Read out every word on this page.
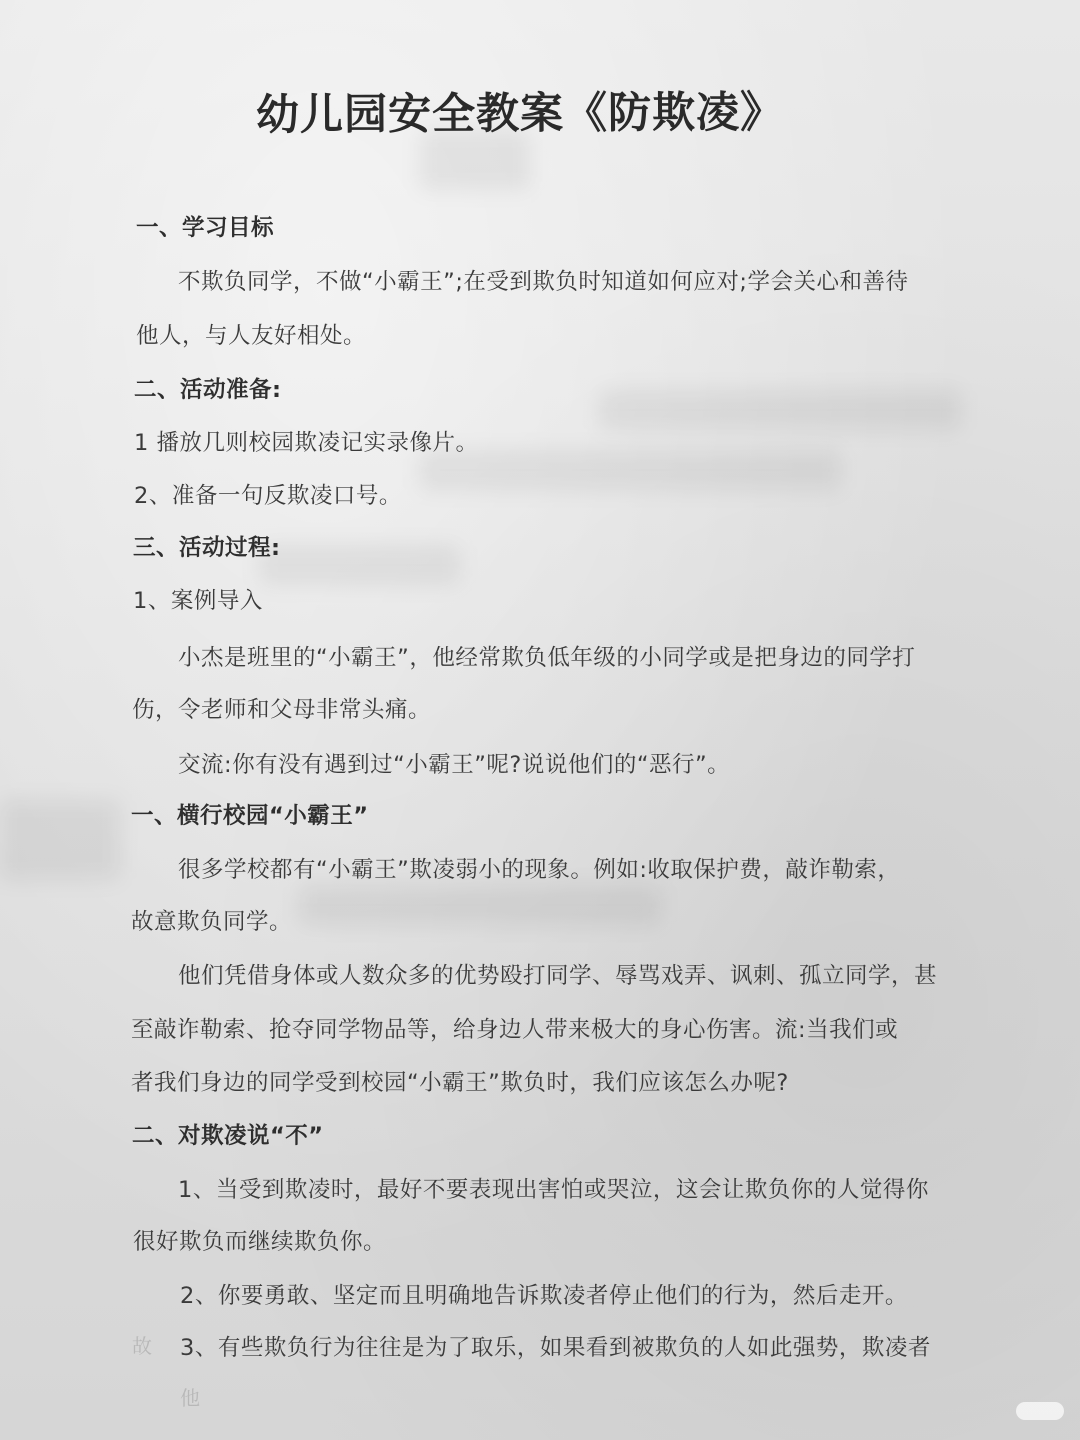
幼儿园安全教案《防欺凌》
一、学习目标
不欺负同学，不做“小霸王”;在受到欺负时知道如何应对;学会关心和善待
他人，与人友好相处。
二、活动准备:
1 播放几则校园欺凌记实录像片。
2、准备一句反欺凌口号。
三、活动过程:
1、案例导入
小杰是班里的“小霸王”，他经常欺负低年级的小同学或是把身边的同学打
伤，令老师和父母非常头痛。
交流:你有没有遇到过“小霸王”呢?说说他们的“恶行”。
一、横行校园“小霸王”
很多学校都有“小霸王”欺凌弱小的现象。例如:收取保护费，敲诈勒索，
故意欺负同学。
他们凭借身体或人数众多的优势殴打同学、辱骂戏弄、讽刺、孤立同学，甚
至敲诈勒索、抢夺同学物品等，给身边人带来极大的身心伤害。流:当我们或
者我们身边的同学受到校园“小霸王”欺负时，我们应该怎么办呢?
二、对欺凌说“不”
1、当受到欺凌时，最好不要表现出害怕或哭泣，这会让欺负你的人觉得你
很好欺负而继续欺负你。
2、你要勇敢、坚定而且明确地告诉欺凌者停止他们的行为，然后走开。
3、有些欺负行为往往是为了取乐，如果看到被欺负的人如此强势，欺凌者
故
他
